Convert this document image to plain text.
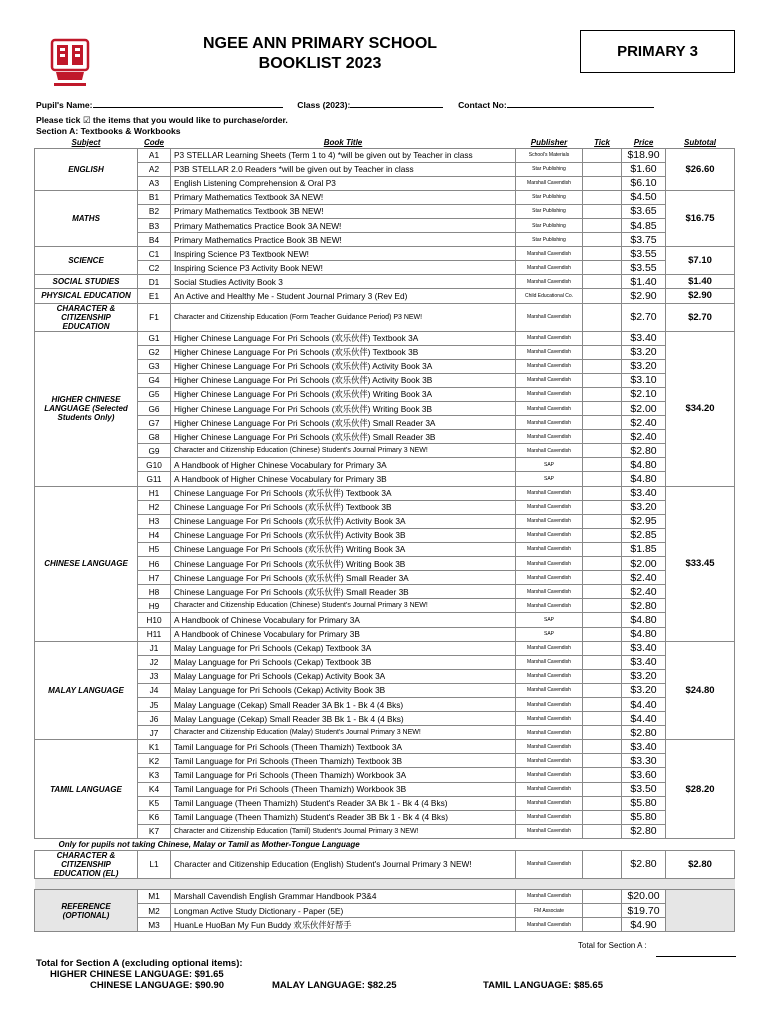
NGEE ANN PRIMARY SCHOOL
BOOKLIST 2023
PRIMARY 3
Pupil's Name:	Class (2023):	Contact No:
Please tick ☑ the items that you would like to purchase/order.
Section A: Textbooks & Workbooks
Subject	Code	Book Title	Publisher	Tick	Price	Subtotal
ENGLISH	A1	P3 STELLAR Learning Sheets (Term 1 to 4) *will be given out by Teacher in class	School's Materials		$18.90	$26.60
	A2	P3B STELLAR 2.0 Readers *will be given out by Teacher in class	Star Publishing		$1.60	
	A3	English Listening Comprehension & Oral P3	Marshall Cavendish		$6.10	
MATHS	B1	Primary Mathematics Textbook 3A NEW!	Star Publishing		$4.50	$16.75
	B2	Primary Mathematics Textbook 3B NEW!	Star Publishing		$3.65	
	B3	Primary Mathematics Practice Book 3A NEW!	Star Publishing		$4.85	
	B4	Primary Mathematics Practice Book 3B NEW!	Star Publishing		$3.75	
SCIENCE	C1	Inspiring Science P3 Textbook NEW!	Marshall Cavendish		$3.55	$7.10
	C2	Inspiring Science P3 Activity Book NEW!	Marshall Cavendish		$3.55	
SOCIAL STUDIES	D1	Social Studies Activity Book 3	Marshall Cavendish		$1.40	$1.40
PHYSICAL EDUCATION	E1	An Active and Healthy Me - Student Journal Primary 3 (Rev Ed)	Child Educational Co.		$2.90	$2.90
CHARACTER & CITIZENSHIP EDUCATION	F1	Character and Citizenship Education (Form Teacher Guidance Period) P3 NEW!	Marshall Cavendish		$2.70	$2.70
HIGHER CHINESE LANGUAGE (Selected Students Only)	G1	Higher Chinese Language For Pri Schools (欢乐伙伴) Textbook 3A	Marshall Cavendish		$3.40	$34.20
	G2	Higher Chinese Language For Pri Schools (欢乐伙伴) Textbook 3B	Marshall Cavendish		$3.20	
	G3	Higher Chinese Language For Pri Schools (欢乐伙伴) Activity Book 3A	Marshall Cavendish		$3.20	
	G4	Higher Chinese Language For Pri Schools (欢乐伙伴) Activity Book 3B	Marshall Cavendish		$3.10	
	G5	Higher Chinese Language For Pri Schools (欢乐伙伴) Writing Book 3A	Marshall Cavendish		$2.10	
	G6	Higher Chinese Language For Pri Schools (欢乐伙伴) Writing Book 3B	Marshall Cavendish		$2.00	
	G7	Higher Chinese Language For Pri Schools (欢乐伙伴) Small Reader 3A	Marshall Cavendish		$2.40	
	G8	Higher Chinese Language For Pri Schools (欢乐伙伴) Small Reader 3B	Marshall Cavendish		$2.40	
	G9	Character and Citizenship Education (Chinese) Student's Journal Primary 3 NEW!	Marshall Cavendish		$2.80	
	G10	A Handbook of Higher Chinese Vocabulary for Primary 3A	SAP		$4.80	
	G11	A Handbook of Higher Chinese Vocabulary for Primary 3B	SAP		$4.80	
CHINESE LANGUAGE	H1	Chinese Language For Pri Schools (欢乐伙伴) Textbook 3A	Marshall Cavendish		$3.40	$33.45
	H2	Chinese Language For Pri Schools (欢乐伙伴) Textbook 3B	Marshall Cavendish		$3.20	
	H3	Chinese Language For Pri Schools (欢乐伙伴) Activity Book 3A	Marshall Cavendish		$2.95	
	H4	Chinese Language For Pri Schools (欢乐伙伴) Activity Book 3B	Marshall Cavendish		$2.85	
	H5	Chinese Language For Pri Schools (欢乐伙伴) Writing Book 3A	Marshall Cavendish		$1.85	
	H6	Chinese Language For Pri Schools (欢乐伙伴) Writing Book 3B	Marshall Cavendish		$2.00	
	H7	Chinese Language For Pri Schools (欢乐伙伴) Small Reader 3A	Marshall Cavendish		$2.40	
	H8	Chinese Language For Pri Schools (欢乐伙伴) Small Reader 3B	Marshall Cavendish		$2.40	
	H9	Character and Citizenship Education (Chinese) Student's Journal Primary 3 NEW!	Marshall Cavendish		$2.80	
	H10	A Handbook of Chinese Vocabulary for Primary 3A	SAP		$4.80	
	H11	A Handbook of Chinese Vocabulary for Primary 3B	SAP		$4.80	
MALAY LANGUAGE	J1	Malay Language for Pri Schools (Cekap) Textbook 3A	Marshall Cavendish		$3.40	$24.80
	J2	Malay Language for Pri Schools (Cekap) Textbook 3B	Marshall Cavendish		$3.40	
	J3	Malay Language for Pri Schools (Cekap) Activity Book 3A	Marshall Cavendish		$3.20	
	J4	Malay Language for Pri Schools (Cekap) Activity Book 3B	Marshall Cavendish		$3.20	
	J5	Malay Language (Cekap) Small Reader 3A Bk 1 - Bk 4 (4 Bks)	Marshall Cavendish		$4.40	
	J6	Malay Language (Cekap) Small Reader 3B Bk 1 - Bk 4 (4 Bks)	Marshall Cavendish		$4.40	
	J7	Character and Citizenship Education (Malay) Student's Journal Primary 3 NEW!	Marshall Cavendish		$2.80	
TAMIL LANGUAGE	K1	Tamil Language for Pri Schools (Theen Thamizh) Textbook 3A	Marshall Cavendish		$3.40	$28.20
	K2	Tamil Language for Pri Schools (Theen Thamizh) Textbook 3B	Marshall Cavendish		$3.30	
	K3	Tamil Language for Pri Schools (Theen Thamizh) Workbook 3A	Marshall Cavendish		$3.60	
	K4	Tamil Language for Pri Schools (Theen Thamizh) Workbook 3B	Marshall Cavendish		$3.50	
	K5	Tamil Language (Theen Thamizh) Student's Reader 3A Bk 1 - Bk 4 (4 Bks)	Marshall Cavendish		$5.80	
	K6	Tamil Language (Theen Thamizh) Student's Reader 3B Bk 1 - Bk 4 (4 Bks)	Marshall Cavendish		$5.80	
	K7	Character and Citizenship Education (Tamil) Student's Journal Primary 3 NEW!	Marshall Cavendish		$2.80	
Only for pupils not taking Chinese, Malay or Tamil as Mother-Tongue Language						
CHARACTER & CITIZENSHIP EDUCATION (EL)	L1	Character and Citizenship Education (English) Student's Journal Primary 3 NEW!	Marshall Cavendish		$2.80	$2.80

REFERENCE (OPTIONAL)	M1	Marshall Cavendish English Grammar Handbook P3&4	Marshall Cavendish		$20.00	
	M2	Longman Active Study Dictionary - Paper (5E)	FM Associate		$19.70	
	M3	HuanLe HuoBan My Fun Buddy 欢乐伙伴好帮手	Marshall Cavendish		$4.90	
Total for Section A :
Total for Section A (excluding optional items):
HIGHER CHINESE LANGUAGE: $91.65
CHINESE LANGUAGE: $90.90	MALAY LANGUAGE: $82.25	TAMIL LANGUAGE: $85.65
